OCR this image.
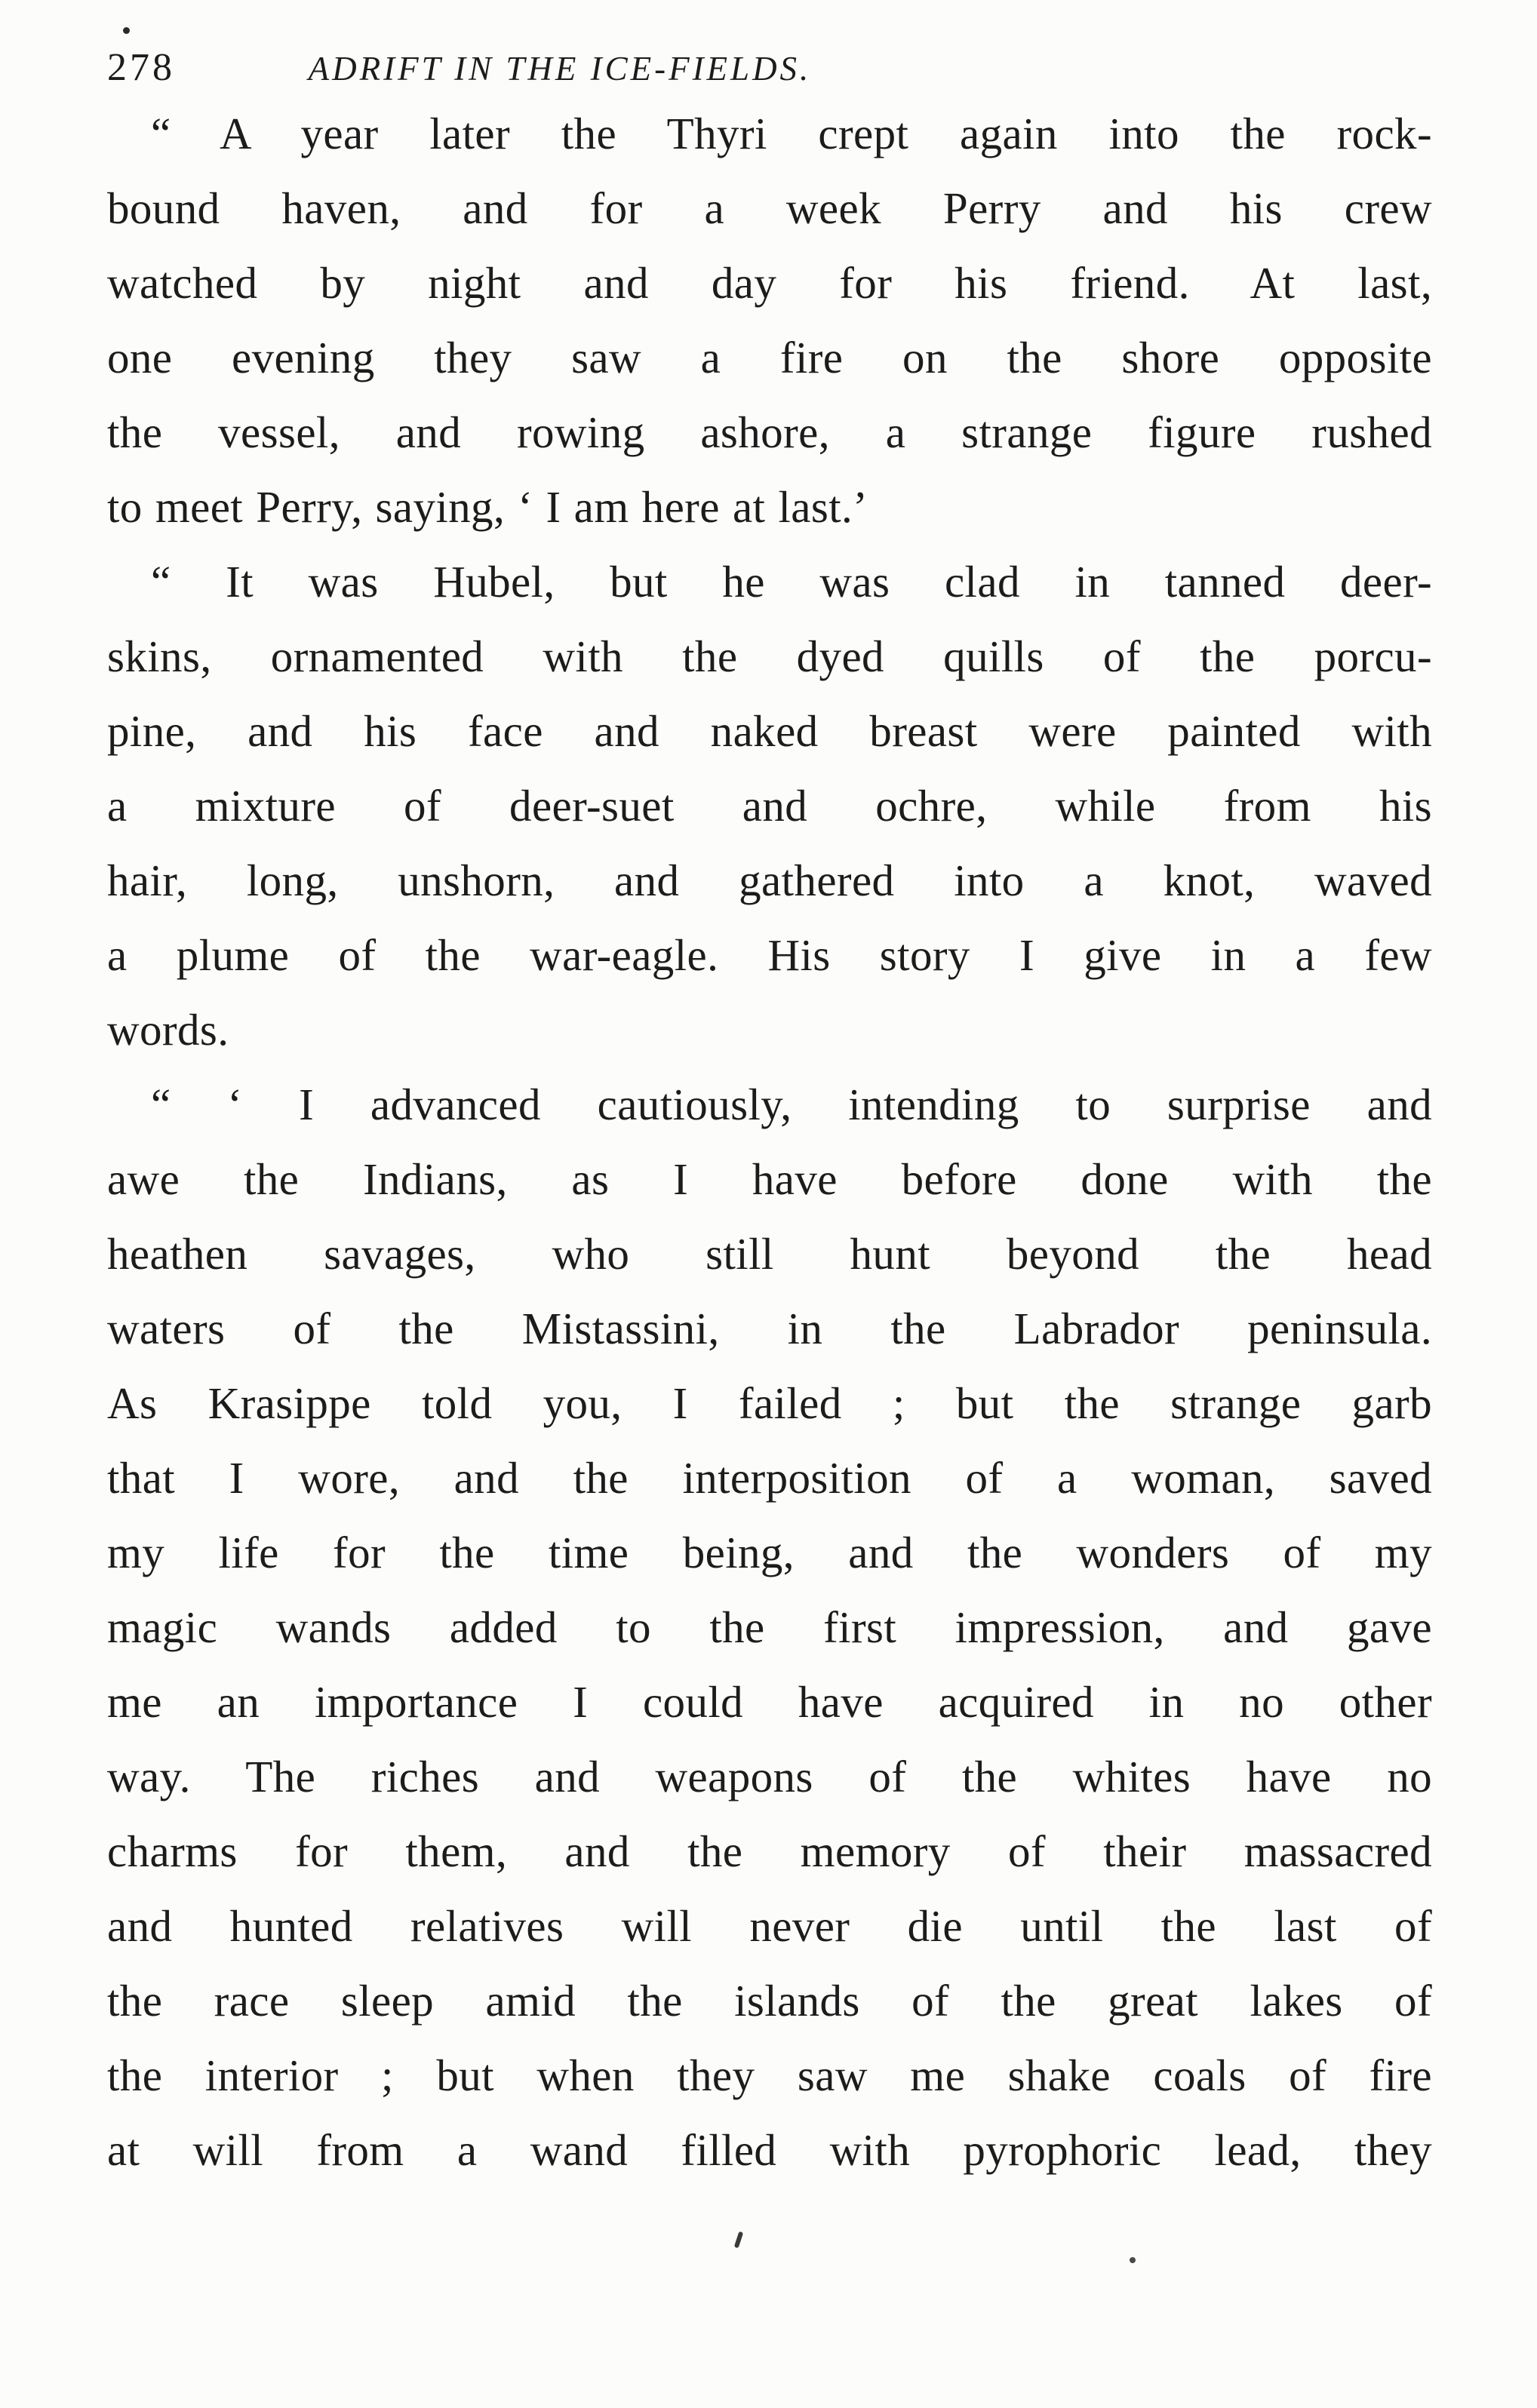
278	ADRIFT IN THE ICE-FIELDS.
“ A year later the Thyri crept again into the rock-
bound haven, and for a week Perry and his crew
watched by night and day for his friend. At last,
one evening they saw a fire on the shore opposite
the vessel, and rowing ashore, a strange figure rushed
to meet Perry, saying, ‘ I am here at last.’
“ It was Hubel, but he was clad in tanned deer-
skins, ornamented with the dyed quills of the porcu-
pine, and his face and naked breast were painted with
a mixture of deer-suet and ochre, while from his
hair, long, unshorn, and gathered into a knot, waved
a plume of the war-eagle. His story I give in a few
words.
“ ‘ I advanced cautiously, intending to surprise and
awe the Indians, as I have before done with the
heathen savages, who still hunt beyond the head
waters of the Mistassini, in the Labrador peninsula.
As Krasippe told you, I failed ; but the strange garb
that I wore, and the interposition of a woman, saved
my life for the time being, and the wonders of my
magic wands added to the first impression, and gave
me an importance I could have acquired in no other
way. The riches and weapons of the whites have no
charms for them, and the memory of their massacred
and hunted relatives will never die until the last of
the race sleep amid the islands of the great lakes of
the interior ; but when they saw me shake coals of fire
at will from a wand filled with pyrophoric lead, they
